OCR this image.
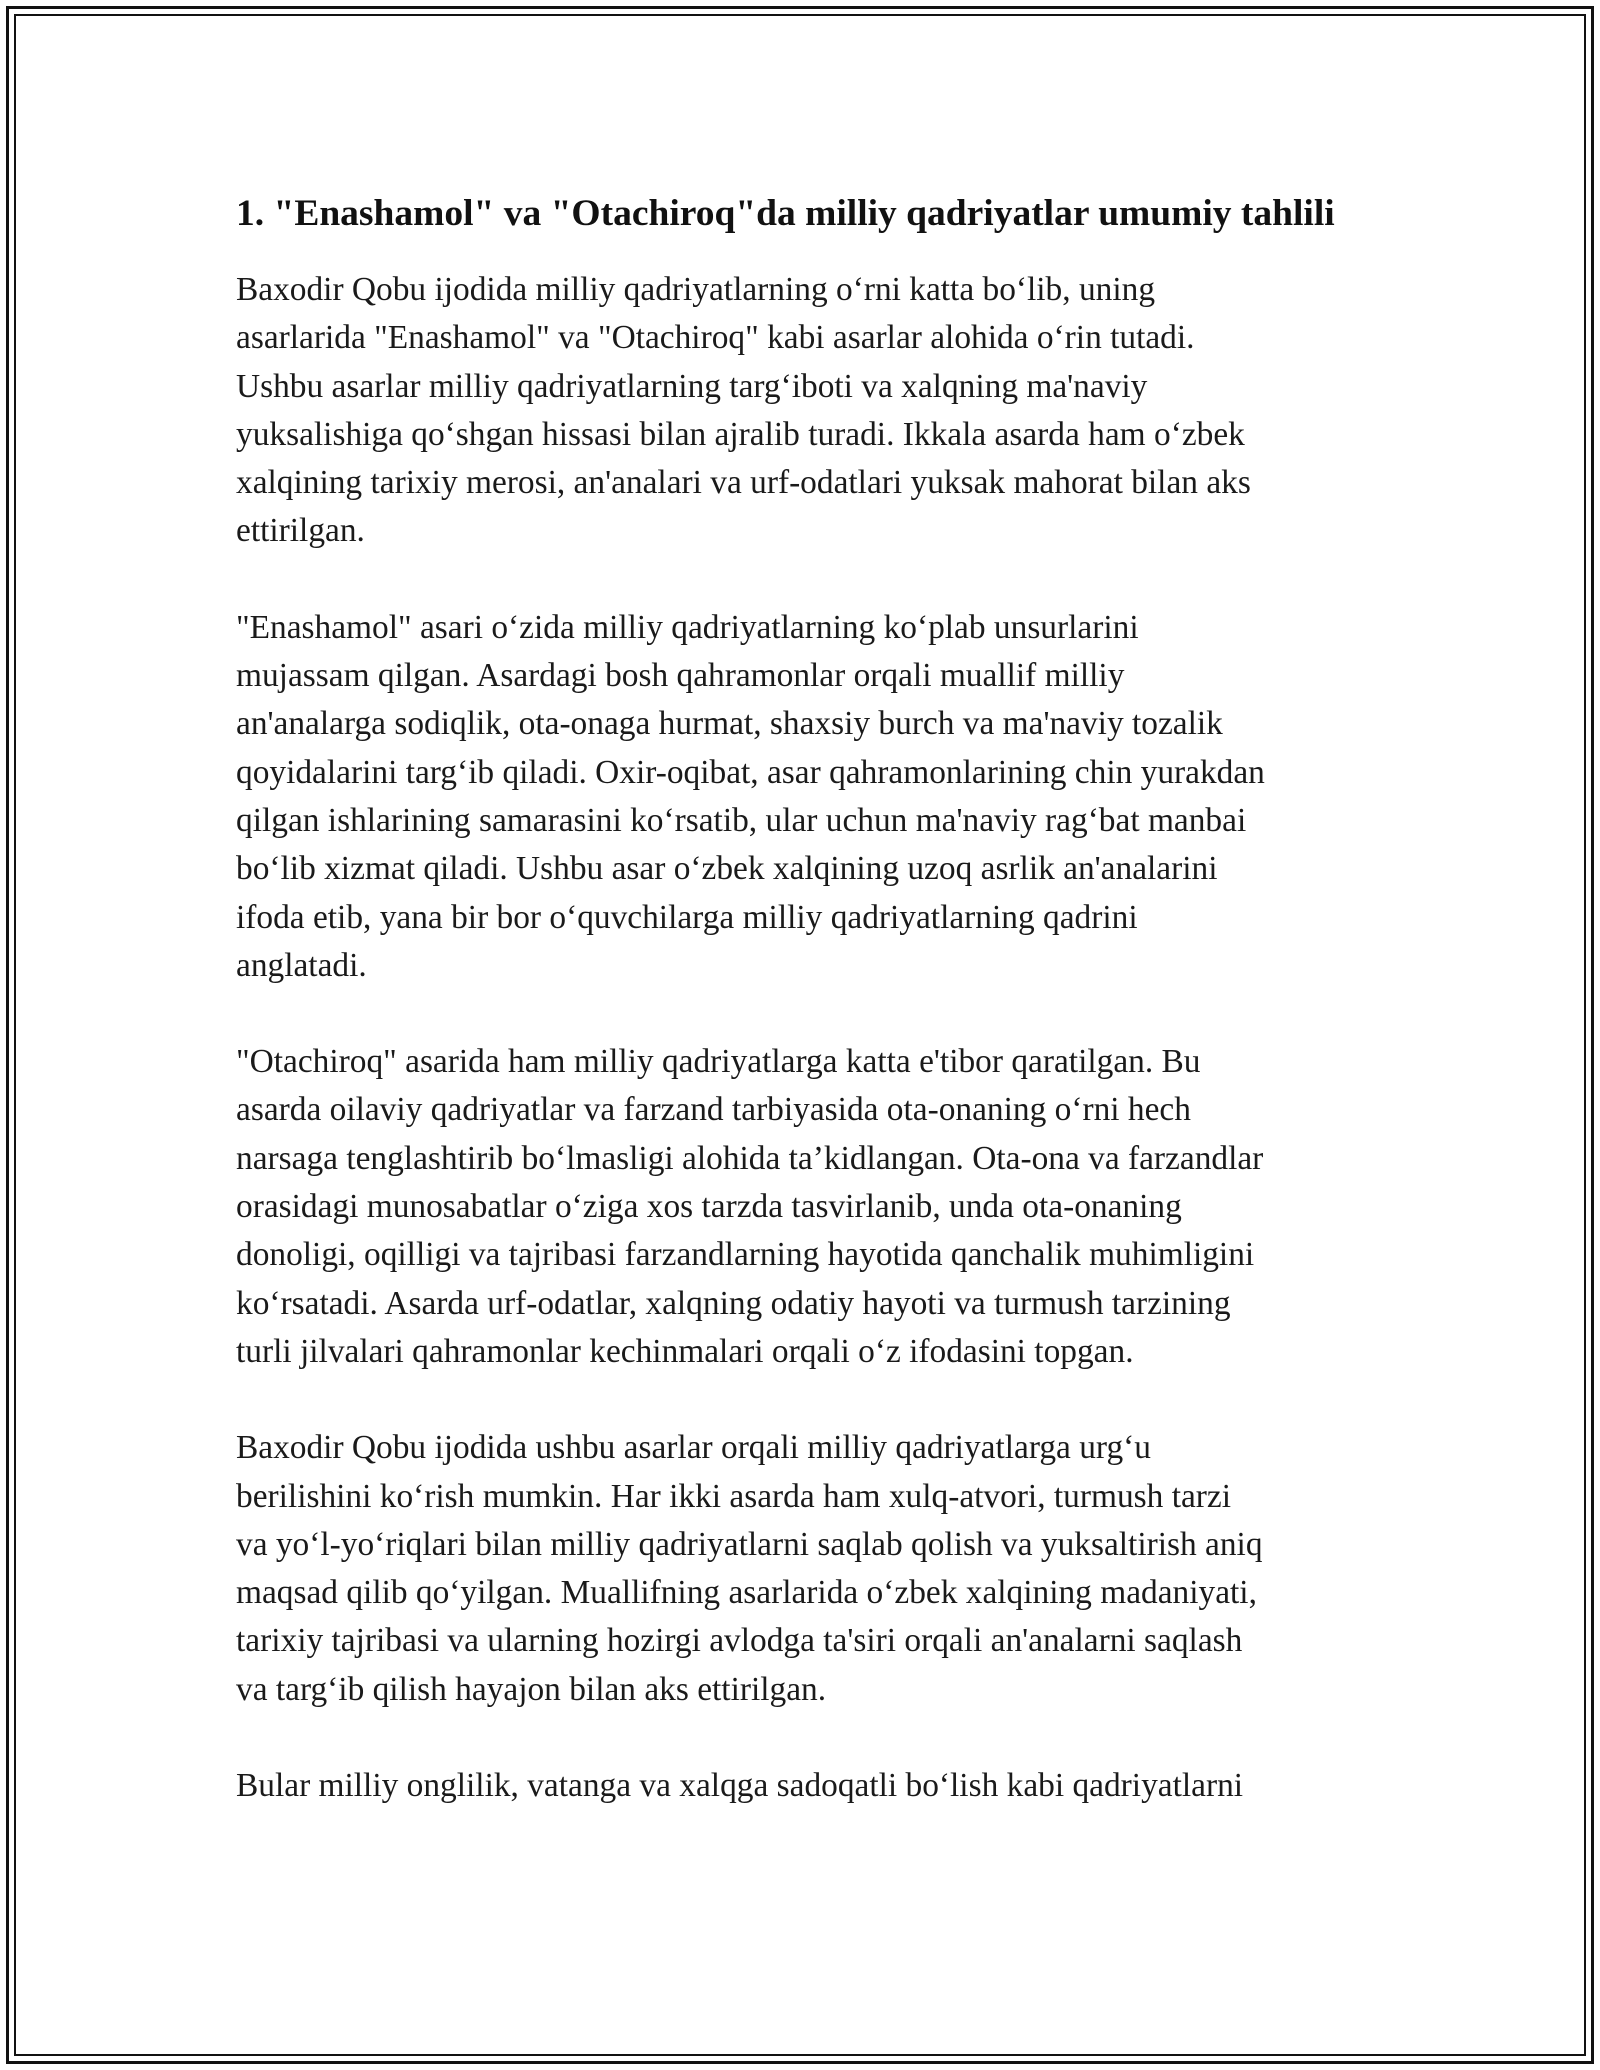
1. "Enashamol" va "Otachiroq"da milliy qadriyatlar umumiy tahlili

Baxodir Qobu ijodida milliy qadriyatlarning oʻrni katta boʻlib, uning
asarlarida "Enashamol" va "Otachiroq" kabi asarlar alohida oʻrin tutadi.
Ushbu asarlar milliy qadriyatlarning targʻiboti va xalqning ma'naviy
yuksalishiga qoʻshgan hissasi bilan ajralib turadi. Ikkala asarda ham oʻzbek
xalqining tarixiy merosi, an'analari va urf-odatlari yuksak mahorat bilan aks
ettirilgan.

"Enashamol" asari oʻzida milliy qadriyatlarning koʻplab unsurlarini
mujassam qilgan. Asardagi bosh qahramonlar orqali muallif milliy
an'analarga sodiqlik, ota-onaga hurmat, shaxsiy burch va ma'naviy tozalik
qoyidalarini targʻib qiladi. Oxir-oqibat, asar qahramonlarining chin yurakdan
qilgan ishlarining samarasini koʻrsatib, ular uchun ma'naviy ragʻbat manbai
boʻlib xizmat qiladi. Ushbu asar oʻzbek xalqining uzoq asrlik an'analarini
ifoda etib, yana bir bor oʻquvchilarga milliy qadriyatlarning qadrini
anglatadi.

"Otachiroq" asarida ham milliy qadriyatlarga katta e'tibor qaratilgan. Bu
asarda oilaviy qadriyatlar va farzand tarbiyasida ota-onaning oʻrni hech
narsaga tenglashtirib boʻlmasligi alohida ta’kidlangan. Ota-ona va farzandlar
orasidagi munosabatlar oʻziga xos tarzda tasvirlanib, unda ota-onaning
donoligi, oqilligi va tajribasi farzandlarning hayotida qanchalik muhimligini
koʻrsatadi. Asarda urf-odatlar, xalqning odatiy hayoti va turmush tarzining
turli jilvalari qahramonlar kechinmalari orqali oʻz ifodasini topgan.

Baxodir Qobu ijodida ushbu asarlar orqali milliy qadriyatlarga urgʻu
berilishini koʻrish mumkin. Har ikki asarda ham xulq-atvori, turmush tarzi
va yoʻl-yoʻriqlari bilan milliy qadriyatlarni saqlab qolish va yuksaltirish aniq
maqsad qilib qoʻyilgan. Muallifning asarlarida oʻzbek xalqining madaniyati,
tarixiy tajribasi va ularning hozirgi avlodga ta'siri orqali an'analarni saqlash
va targʻib qilish hayajon bilan aks ettirilgan.

Bular milliy onglilik, vatanga va xalqga sadoqatli boʻlish kabi qadriyatlarni
